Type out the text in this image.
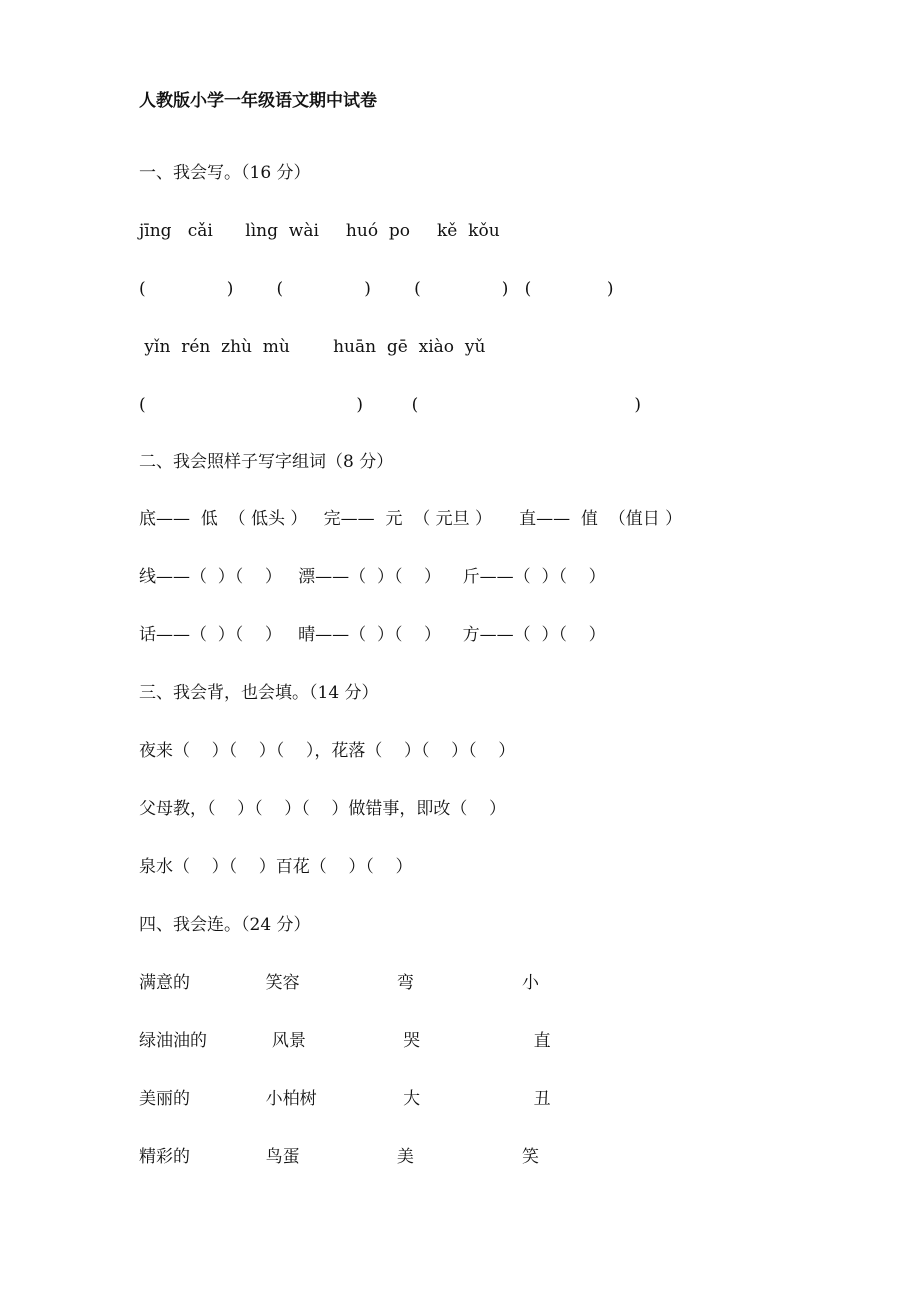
人教版小学一年级语文期中试卷
一、我会写。（16 分）
jīng   cǎi      lìng  wài     huó  po     kě  kǒu
(               )        (               )        (               )   (              )
yǐn  rén  zhù  mù        huān  gē  xiào  yǔ
(                                       )         (                                        )
二、我会照样子写字组词（8 分）
底——  低  （ 低头 ）   完——  元  （ 元旦 ）     直——  值  （值日 ）
线——（  ）（    ）   漂——（  ）（    ）    斤——（  ）（    ）
话——（  ）（    ）   晴——（  ）（    ）    方——（  ）（    ）
三、我会背，也会填。（14 分）
夜来（    ）（    ）（    ），花落（    ）（    ）（    ）
父母教，（    ）（    ）（    ）做错事，即改（    ）
泉水（    ）（    ）百花（    ）（    ）
四、我会连。（24 分）
满意的              笑容                  弯                    小
绿油油的            风景                  哭                     直
美丽的              小柏树                大                     丑
精彩的              鸟蛋                  美                    笑
